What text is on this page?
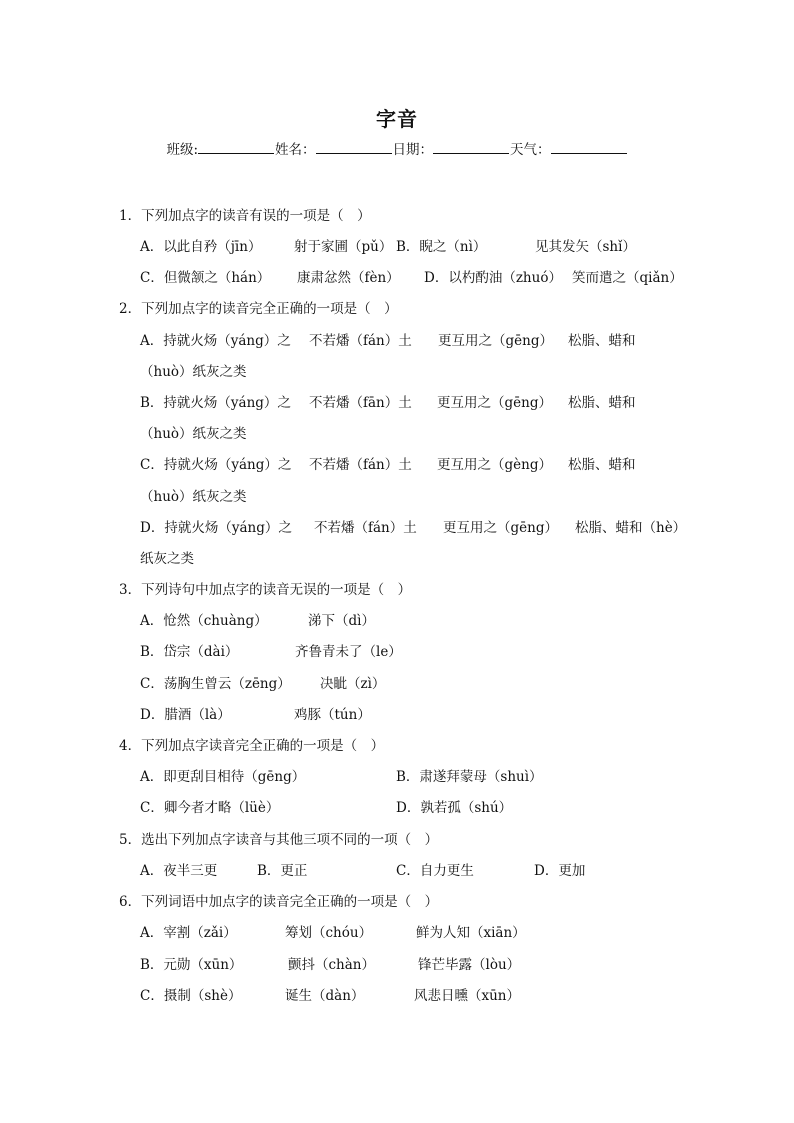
字音
班级:	姓名：	日期：	天气：
1．下列加点字的读音有误的一项是（　）
A．以此自矜（jīn） 射于家圃（pǔ） B．睨之（nì）	见其发矢（shǐ）
C．但微颔之（hán） 康肃忿然（fèn） D．以杓酌油（zhuó） 笑而遣之（qiǎn）
2．下列加点字的读音完全正确的一项是（　）
A．持就火炀（yáng）之 不若燔（fán）土 更互用之（gēng） 松脂、蜡和
（huò）纸灰之类
B．持就火炀（yáng）之 不若燔（fān）土 更互用之（gēng） 松脂、蜡和
（huò）纸灰之类
C．持就火炀（yáng）之 不若燔（fán）土 更互用之（gèng） 松脂、蜡和
（huò）纸灰之类
D．持就火炀（yáng）之 不若燔（fán）土 更互用之（gēng） 松脂、蜡和（hè）
纸灰之类
3．下列诗句中加点字的读音无误的一项是（　）
A．怆然（chuàng）	涕下（dì）
B．岱宗（dài）	齐鲁青未了（le）
C．荡胸生曾云（zēng） 决眦（zì）
D．腊酒（là）	鸡豚（tún）
4．下列加点字读音完全正确的一项是（　）
A．即更刮目相待（gēng）	B．肃遂拜蒙母（shuì）
C．卿今者才略（lüè）	D．孰若孤（shú）
5．选出下列加点字读音与其他三项不同的一项（　）
A．夜半三更	B．更正	C．自力更生	D．更加
6．下列词语中加点字的读音完全正确的一项是（　）
A．宰割（zǎi）	筹划（chóu）	鲜为人知（xiān）
B．元勋（xūn）	颤抖（chàn）	锋芒毕露（lòu）
C．摄制（shè）	诞生（dàn）	风悲日曛（xūn）
